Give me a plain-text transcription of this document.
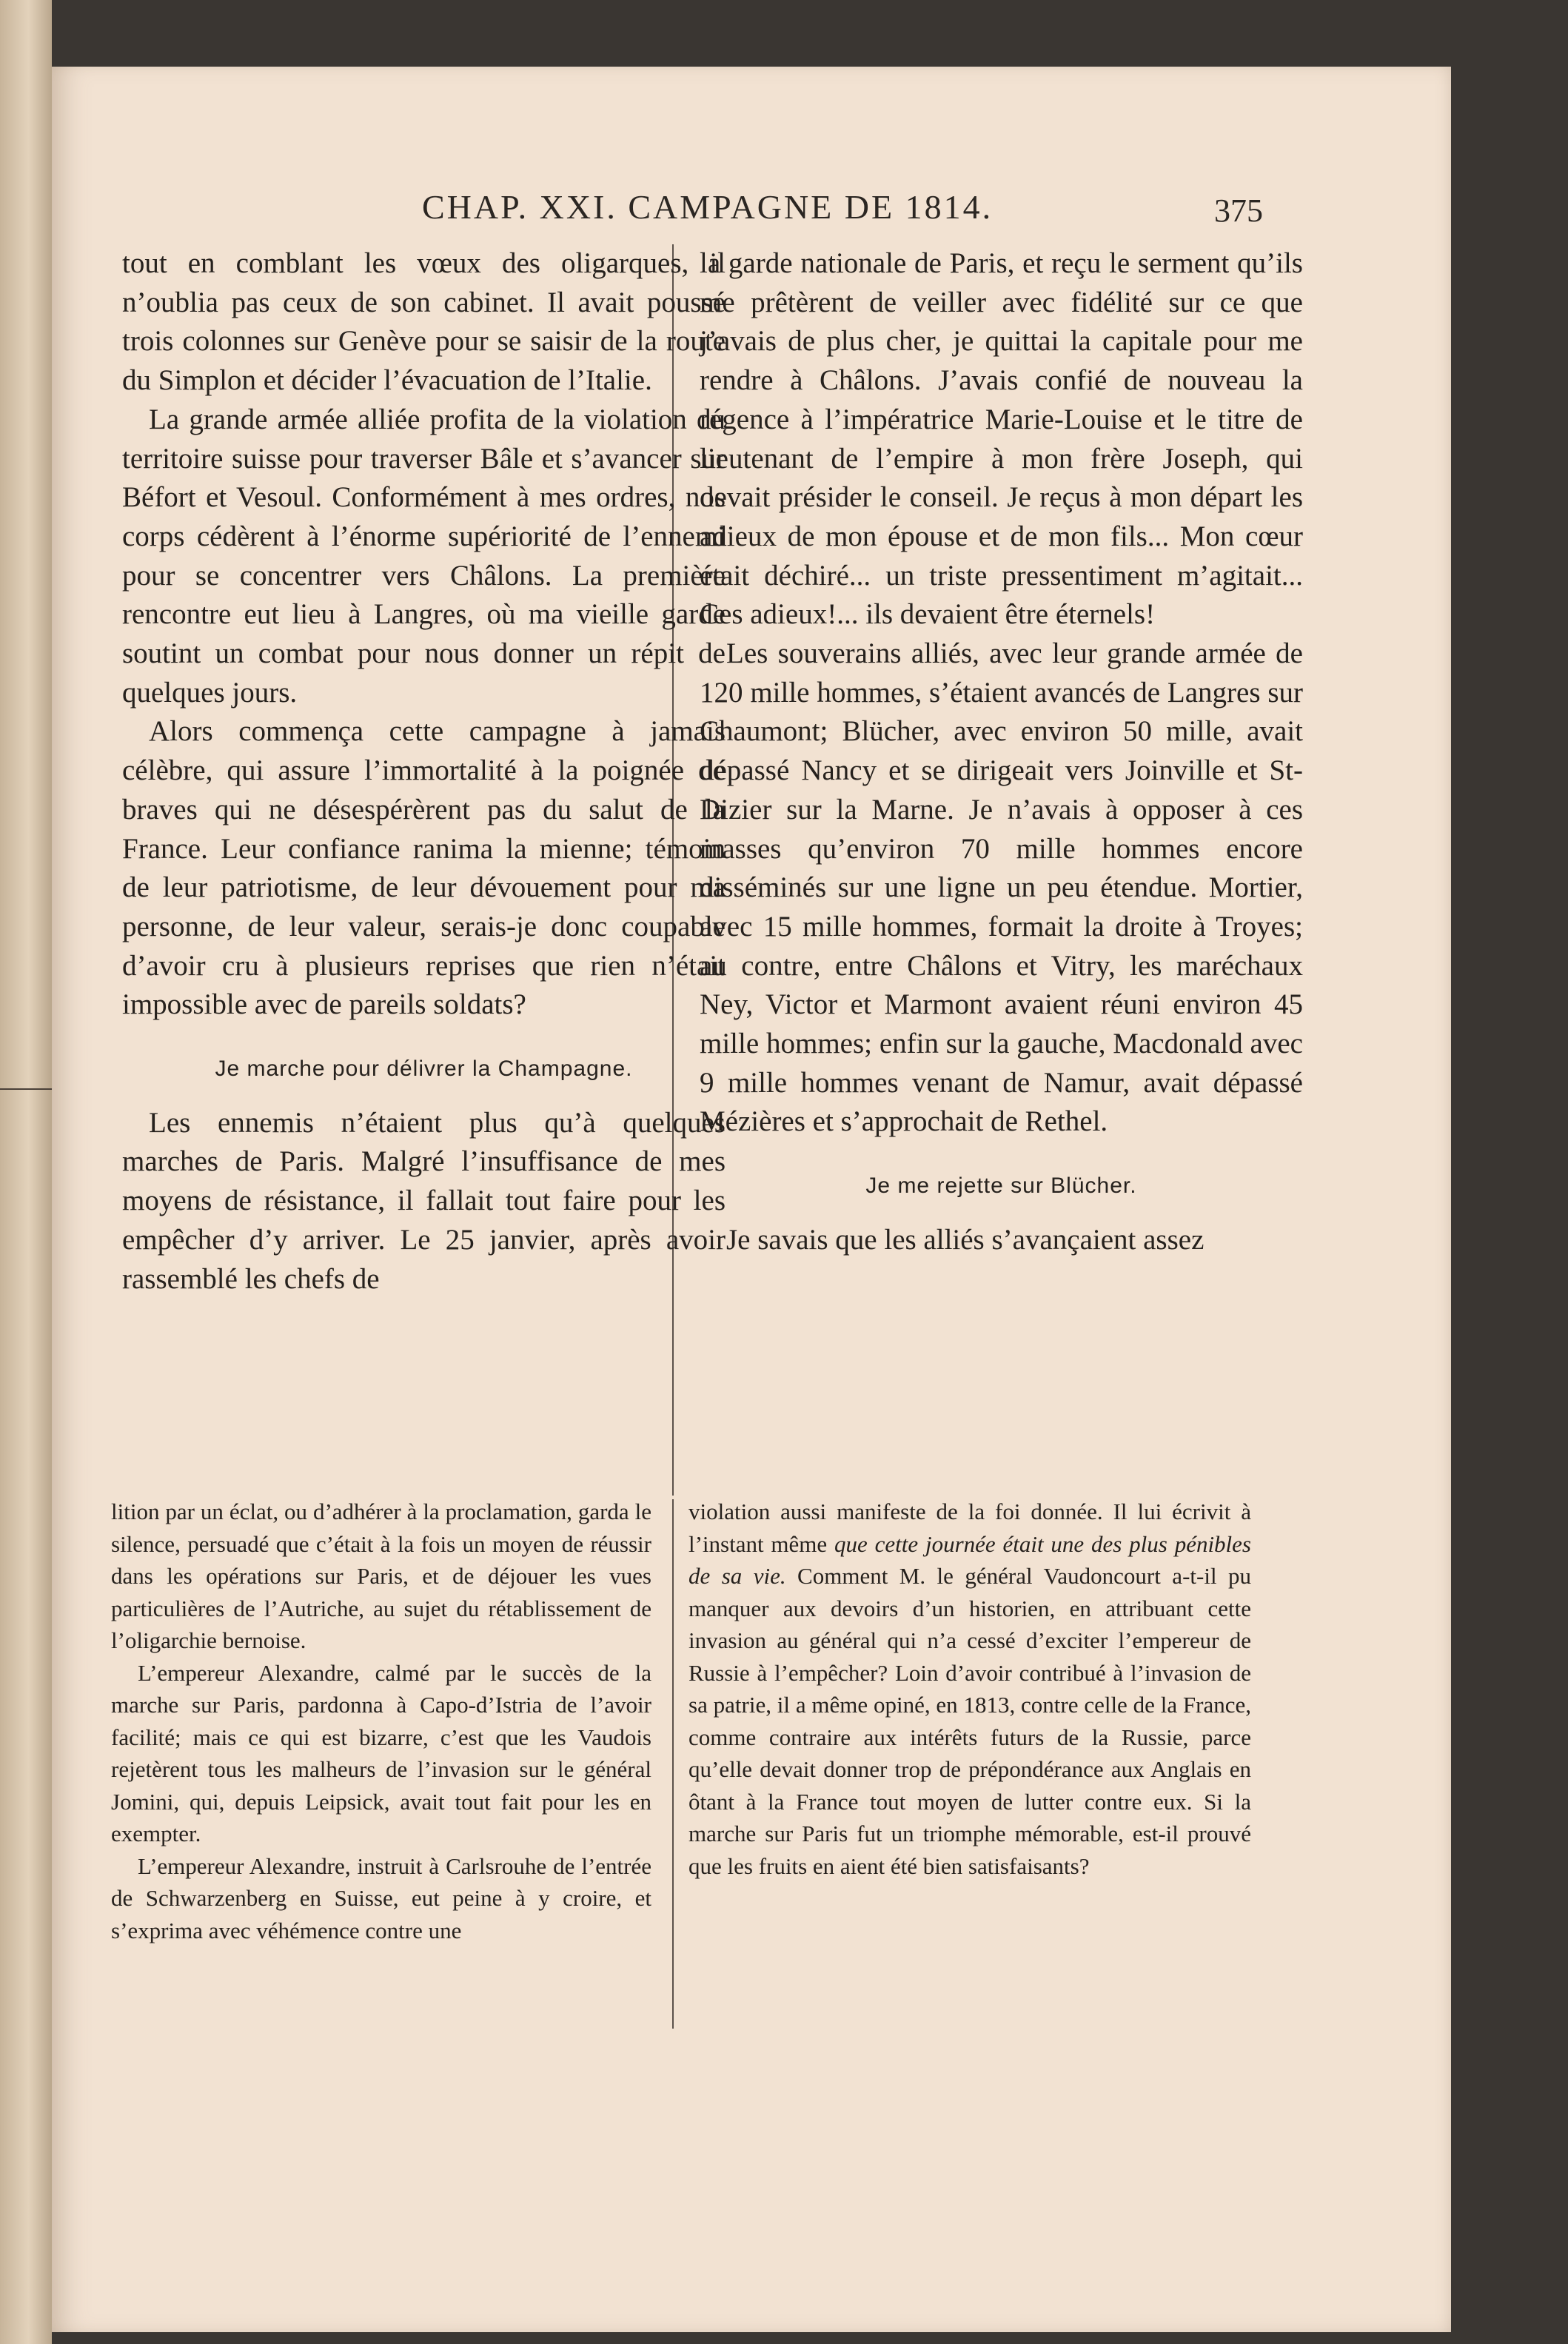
CHAP. XXI. CAMPAGNE DE 1814.	375

tout en comblant les vœux des oligarques, il n’oublia pas ceux de son cabinet. Il avait poussé trois colonnes sur Genève pour se saisir de la route du Simplon et décider l’évacuation de l’Italie.

La grande armée alliée profita de la violation du territoire suisse pour traverser Bâle et s’avancer sur Béfort et Vesoul. Conformément à mes ordres, nos corps cédèrent à l’énorme supériorité de l’ennemi pour se concentrer vers Châlons. La première rencontre eut lieu à Langres, où ma vieille garde soutint un combat pour nous donner un répit de quelques jours.

Alors commença cette campagne à jamais célèbre, qui assure l’immortalité à la poignée de braves qui ne désespérèrent pas du salut de la France. Leur confiance ranima la mienne; témoin de leur patriotisme, de leur dévouement pour ma personne, de leur valeur, serais-je donc coupable d’avoir cru à plusieurs reprises que rien n’était impossible avec de pareils soldats?

Je marche pour délivrer la Champagne.

Les ennemis n’étaient plus qu’à quelques marches de Paris. Malgré l’insuffisance de mes moyens de résistance, il fallait tout faire pour les empêcher d’y arriver. Le 25 janvier, après avoir rassemblé les chefs de

la garde nationale de Paris, et reçu le serment qu’ils me prêtèrent de veiller avec fidélité sur ce que j’avais de plus cher, je quittai la capitale pour me rendre à Châlons. J’avais confié de nouveau la régence à l’impératrice Marie-Louise et le titre de lieutenant de l’empire à mon frère Joseph, qui devait présider le conseil. Je reçus à mon départ les adieux de mon épouse et de mon fils... Mon cœur était déchiré... un triste pressentiment m’agitait... Ces adieux!... ils devaient être éternels!

Les souverains alliés, avec leur grande armée de 120 mille hommes, s’étaient avancés de Langres sur Chaumont; Blücher, avec environ 50 mille, avait dépassé Nancy et se dirigeait vers Joinville et St-Dizier sur la Marne. Je n’avais à opposer à ces masses qu’environ 70 mille hommes encore disséminés sur une ligne un peu étendue. Mortier, avec 15 mille hommes, formait la droite à Troyes; au contre, entre Châlons et Vitry, les maréchaux Ney, Victor et Marmont avaient réuni environ 45 mille hommes; enfin sur la gauche, Macdonald avec 9 mille hommes venant de Namur, avait dépassé Mézières et s’approchait de Rethel.

Je me rejette sur Blücher.

Je savais que les alliés s’avançaient assez

lition par un éclat, ou d’adhérer à la proclamation, garda le silence, persuadé que c’était à la fois un moyen de réussir dans les opérations sur Paris, et de déjouer les vues particulières de l’Autriche, au sujet du rétablissement de l’oligarchie bernoise.

L’empereur Alexandre, calmé par le succès de la marche sur Paris, pardonna à Capo-d’Istria de l’avoir facilité; mais ce qui est bizarre, c’est que les Vaudois rejetèrent tous les malheurs de l’invasion sur le général Jomini, qui, depuis Leipsick, avait tout fait pour les en exempter.

L’empereur Alexandre, instruit à Carlsrouhe de l’entrée de Schwarzenberg en Suisse, eut peine à y croire, et s’exprima avec véhémence contre une

violation aussi manifeste de la foi donnée. Il lui écrivit à l’instant même que cette journée était une des plus pénibles de sa vie. Comment M. le général Vaudoncourt a-t-il pu manquer aux devoirs d’un historien, en attribuant cette invasion au général qui n’a cessé d’exciter l’empereur de Russie à l’empêcher? Loin d’avoir contribué à l’invasion de sa patrie, il a même opiné, en 1813, contre celle de la France, comme contraire aux intérêts futurs de la Russie, parce qu’elle devait donner trop de prépondérance aux Anglais en ôtant à la France tout moyen de lutter contre eux. Si la marche sur Paris fut un triomphe mémorable, est-il prouvé que les fruits en aient été bien satisfaisants?
